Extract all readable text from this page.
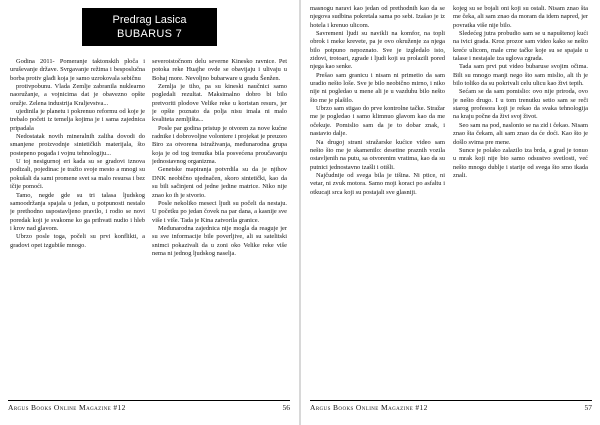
Predrag Lasica
BUBARUS 7

Godina 2011- Pomeranje taktonskih ploča i uruševanje države. Svrgavanje režima i besposlučna borba protiv glađi koja je samo uzrokovala sebičnu

protivpobunu. Vlada Zemlje zabranila nuklearno naoružanje, a vojnicima dat je obavezno opšte oružje. Zelena industrija Kraljevstva...

ujedinila je planetu i pokrenuo reformu od koje je trebalo početi iz temelja kojima je i sama zajednica pripadala

Nedostatak novih mineralnih zaliha dovodi do smanjene proizvodnje sintetičkih materijala, što postepeno pogađa i vojnu tehnologiju...

U toj nesigurnoj eri kada su se gradovi iznova podizali, pojedinac je tražio svoje mesto a mnogi su pokušali da sami promene svet sa malo resursa i bez ičije pomoći.

Tamo, negde gde su tri talasa ljudskog samoodržanja spajala u jedan, u potpunosti nestalo je prethodno uspostavljeno pravilo, i rodio se novi poredak koji je svakome ko ga prihvati nudio i hleb i krov nad glavom.

Ubrzo posle toga, počeli su prvi konflikti, a gradovi opet izgubiše mnogo.

severoistočnom delu severne Kinesko ravnice. Pet potoka reke Huajhe ovde se obavijaju i ulivaju u Bohaj more. Nevoljno bubarware u gradu Šenžen.

Zemlja je tiho, pa su kineski naučnici samo pogledali rezultat. Maksimalno dobro bi bilo pretvoriti plodove Velike reke u koristan resurs, jer je opšte poznato da polja nisu imala ni malo kvaliteta zemljišta...

Posle par godina pristup je otvoren za nove kućne radnike i dobrovoljne volontere i projekat je preuzeo Biro za otvorena istraživanja, međunarodna grupa koja je od tog trenutka bila posvećena proučavanju jednostavnog organizma.

Genetske mapiranja potvrdila su da je njihov DNK neobično ujednačen, skoro sintetički, kao da su bili sačinjeni od jedne jedine matrice. Niko nije znao ko ih je stvorio.

Posle nekoliko meseci ljudi su počeli da nestaju. U početku po jedan čovek na par dana, a kasnije sve više i više. Tada je Kina zatvorila granice.

Međunarodna zajednica nije mogla da reaguje jer su sve informacije bile poverljive, ali su satelitski snimci pokazivali da u zoni oko Velike reke više nema ni jednog ljudskog naselja.

Argus Books Online Magazine #12	56

masnogu naravi kao jedan od prethodnih kao da se njegova sudbina pokretala sama po sebi. Izašao je iz hotela i krenuo ulicom.

Savremeni ljudi su navikli na komfor, na topli obrok i meke krevete, pa je ovo okruženje za njega bilo potpuno nepoznato. Sve je izgledalo isto, zidovi, trotoari, zgrade i ljudi koji su prolazili pored njega kao senke.

Prešao sam granicu i nisam ni primetio da sam uradio nešto loše. Sve je bilo neobično mirno, i niko nije ni pogledao u mene ali je u vazduhu bilo nešto što me je plašilo.

Ubrzo sam stigao do prve kontrolne tačke. Stražar me je pogledao i samo klimnuo glavom kao da me očekuje. Pomislio sam da je to dobar znak, i nastavio dalje.

Na drugoj strani stražarske kućice video sam nešto što me je skamenilo: desetine praznih vozila ostavljenih na putu, sa otvorenim vratima, kao da su putnici jednostavno izašli i otišli.

Najčudnije od svega bila je tišina. Ni ptice, ni vetar, ni zvuk motora. Samo moji koraci po asfaltu i otkucaji srca koji su postajali sve glasniji.

kojeg su se bojali oni koji su ostali. Nisam znao šta me čeka, ali sam znao da moram da idem napred, jer povratka više nije bilo.

Sledećeg jutra probudio sam se u napuštenoj kući na ivici grada. Kroz prozor sam video kako se nešto kreće ulicom, male crne tačke koje su se spajale u talase i nestajale iza uglova zgrada.

Tada sam prvi put video bubaruse svojim očima. Bili su mnogo manji nego što sam mislio, ali ih je bilo toliko da su pokrivali celu ulicu kao živi tepih.

Sećam se da sam pomislio: ovo nije priroda, ovo je nešto drugo. I u tom trenutku setio sam se reči starog profesora koji je rekao da svaka tehnologija na kraju počne da živi svoj život.

Seo sam na pod, naslonio se na zid i čekao. Nisam znao šta čekam, ali sam znao da će doći. Kao što je došlo svima pre mene.

Sunce je polako zalazilo iza brda, a grad je tonuo u mrak koji nije bio samo odsustvo svetlosti, već nešto mnogo dublje i starije od svega što smo ikada znali.

Argus Books Online Magazine #12	57
